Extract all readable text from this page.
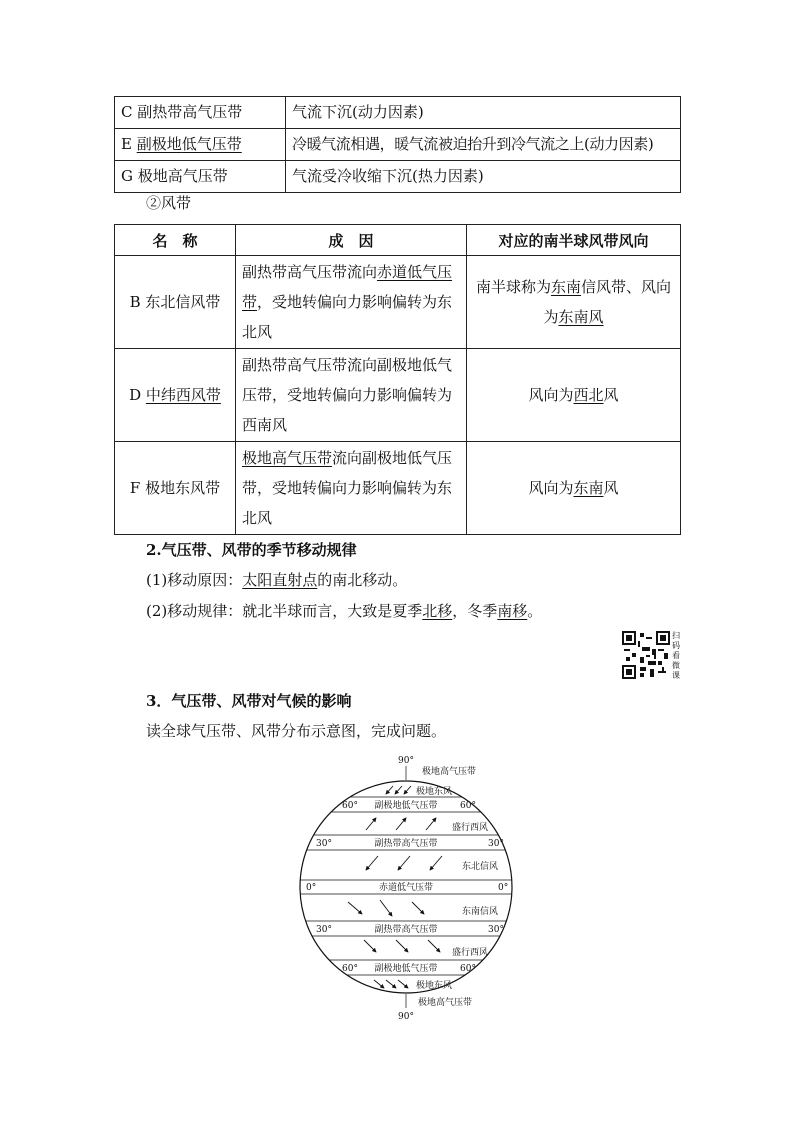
C 副热带高气压带	气流下沉(动力因素)
E 副极地低气压带	冷暖气流相遇，暖气流被迫抬升到冷气流之上(动力因素)
G 极地高气压带	气流受冷收缩下沉(热力因素)
②风带
名　称	成　因	对应的南半球风带风向
B 东北信风带	副热带高气压带流向赤道低气压带，受地转偏向力影响偏转为东北风	南半球称为东南信风带、风向为东南风
D 中纬西风带	副热带高气压带流向副极地低气压带，受地转偏向力影响偏转为西南风	风向为西北风
F 极地东风带	极地高气压带流向副极地低气压带，受地转偏向力影响偏转为东北风	风向为东南风
2.气压带、风带的季节移动规律
(1)移动原因：太阳直射点的南北移动。
(2)移动规律：就北半球而言，大致是夏季北移，冬季南移。
扫码看微课
3．气压带、风带对气候的影响
读全球气压带、风带分布示意图，完成问题。
90°
极地高气压带
极地东风
60° 副极地低气压带 60°
盛行西风
30°	副热带高气压带	30°
东北信风
0°	赤道低气压带	0°
东南信风
30°	副热带高气压带	30°
盛行西风
60° 副极地低气压带 60°
极地东风
极地高气压带
90°
